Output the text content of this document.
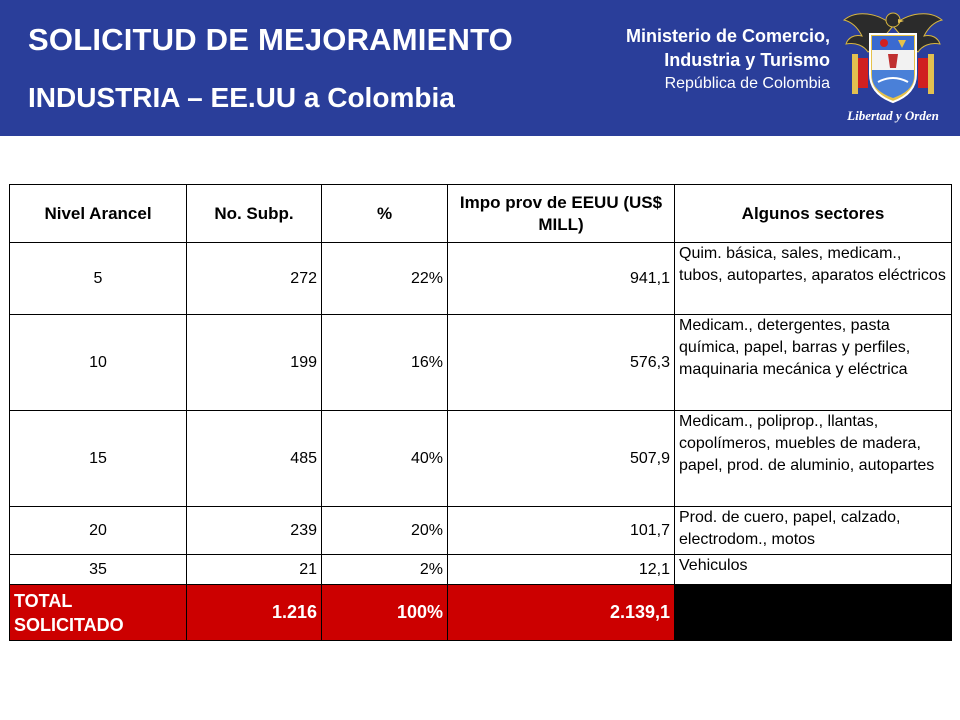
SOLICITUD DE MEJORAMIENTO
INDUSTRIA – EE.UU a Colombia
Ministerio de Comercio,
Industria y Turismo
República de Colombia
Libertad y Orden
Nivel Arancel	No. Subp.	%	Impo prov de EEUU (US$ MILL)	Algunos sectores
5	272	22%	941,1	Quim. básica, sales, medicam., tubos, autopartes, aparatos eléctricos
10	199	16%	576,3	Medicam., detergentes, pasta química, papel, barras y perfiles, maquinaria mecánica y eléctrica
15	485	40%	507,9	Medicam., poliprop., llantas, copolímeros, muebles de madera, papel, prod. de aluminio, autopartes
20	239	20%	101,7	Prod. de cuero, papel, calzado, electrodom., motos
35	21	2%	12,1	Vehiculos
TOTAL SOLICITADO	1.216	100%	2.139,1	
